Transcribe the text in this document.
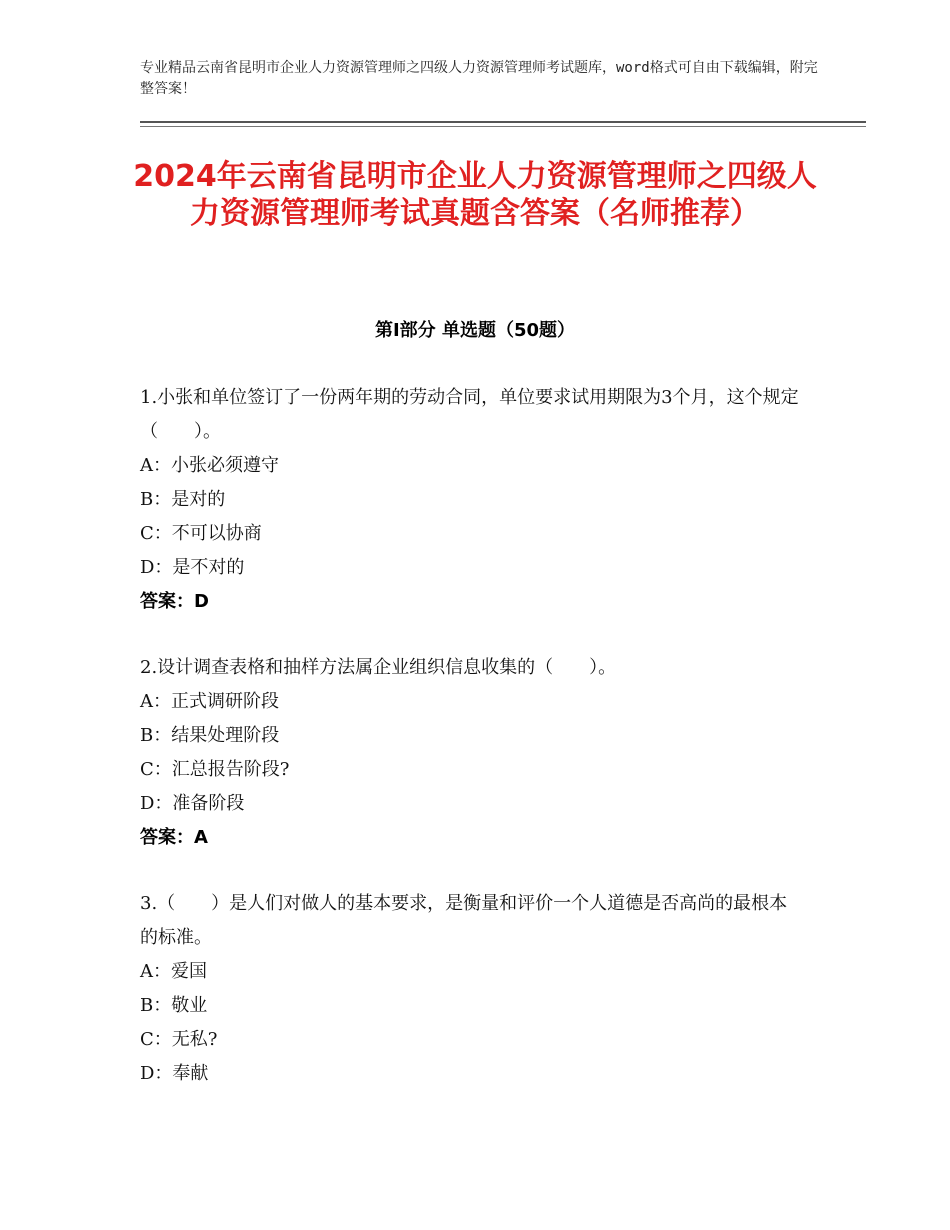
专业精品云南省昆明市企业人力资源管理师之四级人力资源管理师考试题库，word格式可自由下载编辑，附完整答案！
2024年云南省昆明市企业人力资源管理师之四级人力资源管理师考试真题含答案（名师推荐）
第Ⅰ部分 单选题（50题）
1.小张和单位签订了一份两年期的劳动合同，单位要求试用期限为3个月，这个规定（　　）。
A：小张必须遵守
B：是对的
C：不可以协商
D：是不对的
答案：D
2.设计调查表格和抽样方法属企业组织信息收集的（　　）。
A：正式调研阶段
B：结果处理阶段
C：汇总报告阶段?
D：准备阶段
答案：A
3.（　　）是人们对做人的基本要求，是衡量和评价一个人道德是否高尚的最根本的标准。
A：爱国
B：敬业
C：无私?
D：奉献
